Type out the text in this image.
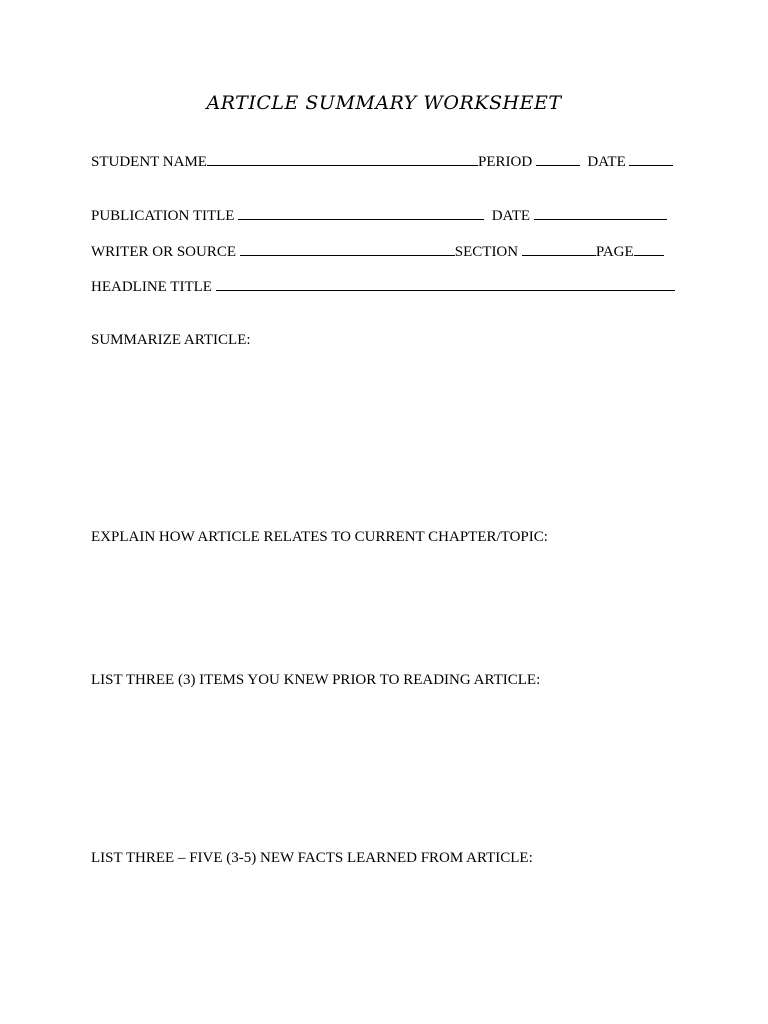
ARTICLE SUMMARY WORKSHEET
STUDENT NAME	PERIOD	DATE
PUBLICATION TITLE	DATE
WRITER OR SOURCE	SECTION	PAGE
HEADLINE TITLE
SUMMARIZE ARTICLE:
EXPLAIN HOW ARTICLE RELATES TO CURRENT CHAPTER/TOPIC:
LIST THREE (3) ITEMS YOU KNEW PRIOR TO READING ARTICLE:
LIST THREE – FIVE (3-5) NEW FACTS LEARNED FROM ARTICLE:
